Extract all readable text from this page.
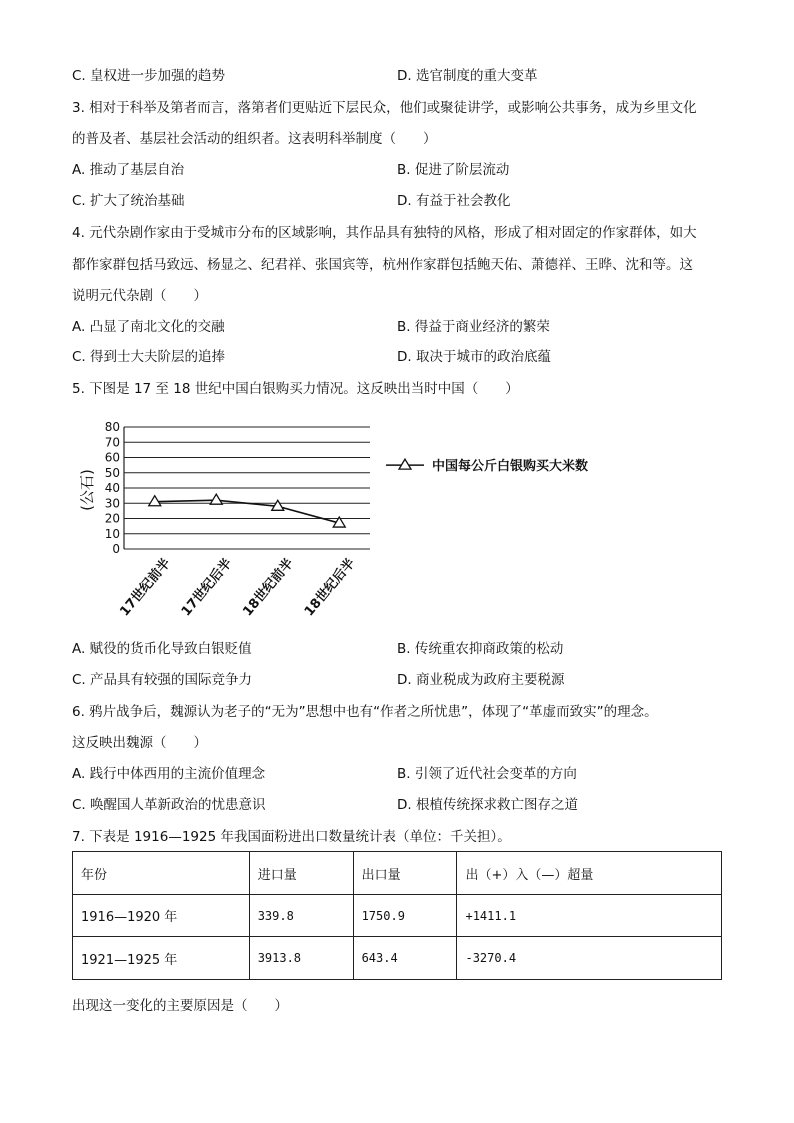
C. 皇权进一步加强的趋势	D. 选官制度的重大变革
3. 相对于科举及第者而言，落第者们更贴近下层民众，他们或聚徒讲学，或影响公共事务，成为乡里文化
的普及者、基层社会活动的组织者。这表明科举制度（　　）
A. 推动了基层自治	B. 促进了阶层流动
C. 扩大了统治基础	D. 有益于社会教化
4. 元代杂剧作家由于受城市分布的区域影响，其作品具有独特的风格，形成了相对固定的作家群体，如大
都作家群包括马致远、杨显之、纪君祥、张国宾等，杭州作家群包括鲍天佑、萧德祥、王晔、沈和等。这
说明元代杂剧（　　）
A. 凸显了南北文化的交融	B. 得益于商业经济的繁荣
C. 得到士大夫阶层的追捧	D. 取决于城市的政治底蕴
5. 下图是 17 至 18 世纪中国白银购买力情况。这反映出当时中国（　　）
0
10
20
30
40
50
60
70
80
(公石)
17世纪前半 17世纪后半 18世纪前半 18世纪后半
中国每公斤白银购买大米数
A. 赋役的货币化导致白银贬值	B. 传统重农抑商政策的松动
C. 产品具有较强的国际竞争力	D. 商业税成为政府主要税源
6. 鸦片战争后，魏源认为老子的“无为”思想中也有“作者之所忧患”，体现了“革虚而致实”的理念。
这反映出魏源（　　）
A. 践行中体西用的主流价值理念	B. 引领了近代社会变革的方向
C. 唤醒国人革新政治的忧患意识	D. 根植传统探求救亡图存之道
7. 下表是 1916—1925 年我国面粉进出口数量统计表（单位：千关担）。
年份	进口量	出口量	出（+）入（—）超量
1916—1920 年	339.8	1750.9	+1411.1
1921—1925 年	3913.8	643.4	-3270.4
出现这一变化的主要原因是（　　）
